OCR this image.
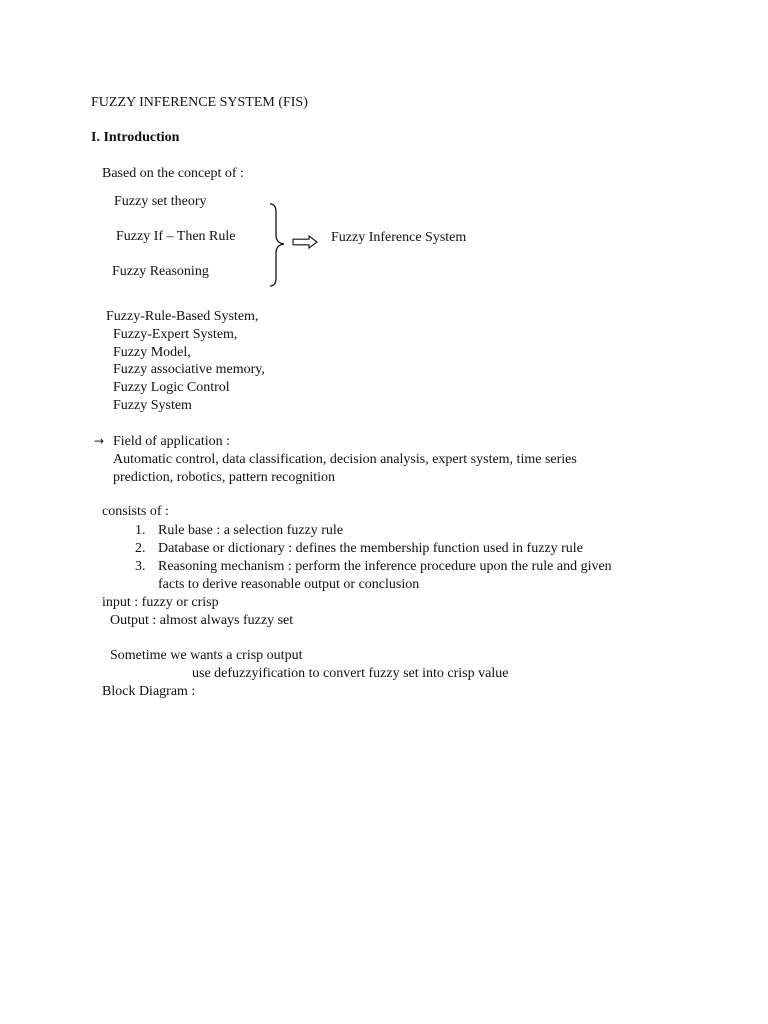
FUZZY INFERENCE SYSTEM (FIS)
I. Introduction
Based on the concept of :
Fuzzy set theory
Fuzzy If – Then Rule
Fuzzy Reasoning
Fuzzy Inference System
Fuzzy-Rule-Based System,
Fuzzy-Expert System,
Fuzzy Model,
Fuzzy associative memory,
Fuzzy Logic Control
Fuzzy System
→ Field of application :
Automatic control, data classification, decision analysis, expert system, time series
prediction, robotics, pattern recognition
consists of :
1. Rule base : a selection fuzzy rule
2. Database or dictionary : defines the membership function used in fuzzy rule
3. Reasoning mechanism : perform the inference procedure upon the rule and given
facts to derive reasonable output or conclusion
input : fuzzy or crisp
Output : almost always fuzzy set
Sometime we wants a crisp output
use defuzzyification to convert fuzzy set into crisp value
Block Diagram :
